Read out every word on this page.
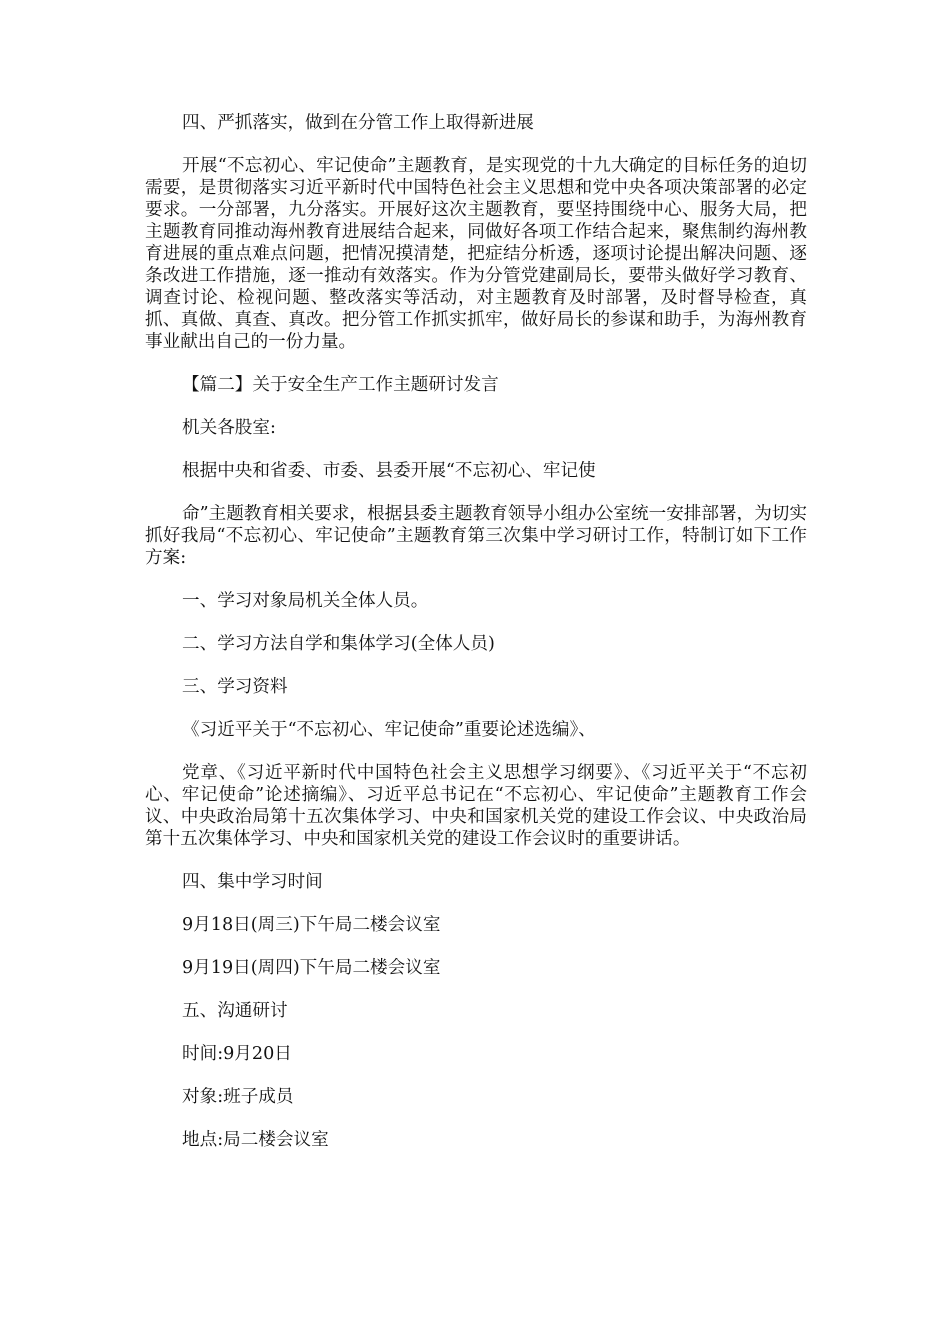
四、严抓落实，做到在分管工作上取得新进展

开展“不忘初心、牢记使命”主题教育，是实现党的十九大确定的目标任务的迫切需要，是贯彻落实习近平新时代中国特色社会主义思想和党中央各项决策部署的必定要求。一分部署，九分落实。开展好这次主题教育，要坚持围绕中心、服务大局，把主题教育同推动海州教育进展结合起来，同做好各项工作结合起来，聚焦制约海州教育进展的重点难点问题，把情况摸清楚，把症结分析透，逐项讨论提出解决问题、逐条改进工作措施，逐一推动有效落实。作为分管党建副局长，要带头做好学习教育、调查讨论、检视问题、整改落实等活动，对主题教育及时部署，及时督导检查，真抓、真做、真查、真改。把分管工作抓实抓牢，做好局长的参谋和助手，为海州教育事业献出自己的一份力量。

【篇二】关于安全生产工作主题研讨发言

机关各股室:

根据中央和省委、市委、县委开展“不忘初心、牢记使

命”主题教育相关要求，根据县委主题教育领导小组办公室统一安排部署，为切实抓好我局“不忘初心、牢记使命”主题教育第三次集中学习研讨工作，特制订如下工作方案:

一、学习对象局机关全体人员。

二、学习方法自学和集体学习(全体人员)

三、学习资料

《习近平关于“不忘初心、牢记使命”重要论述选编》、

党章、《习近平新时代中国特色社会主义思想学习纲要》、《习近平关于“不忘初心、牢记使命”论述摘编》、习近平总书记在“不忘初心、牢记使命”主题教育工作会议、中央政治局第十五次集体学习、中央和国家机关党的建设工作会议、中央政治局第十五次集体学习、中央和国家机关党的建设工作会议时的重要讲话。

四、集中学习时间

9月18日(周三)下午局二楼会议室

9月19日(周四)下午局二楼会议室

五、沟通研讨

时间:9月20日

对象:班子成员

地点:局二楼会议室
